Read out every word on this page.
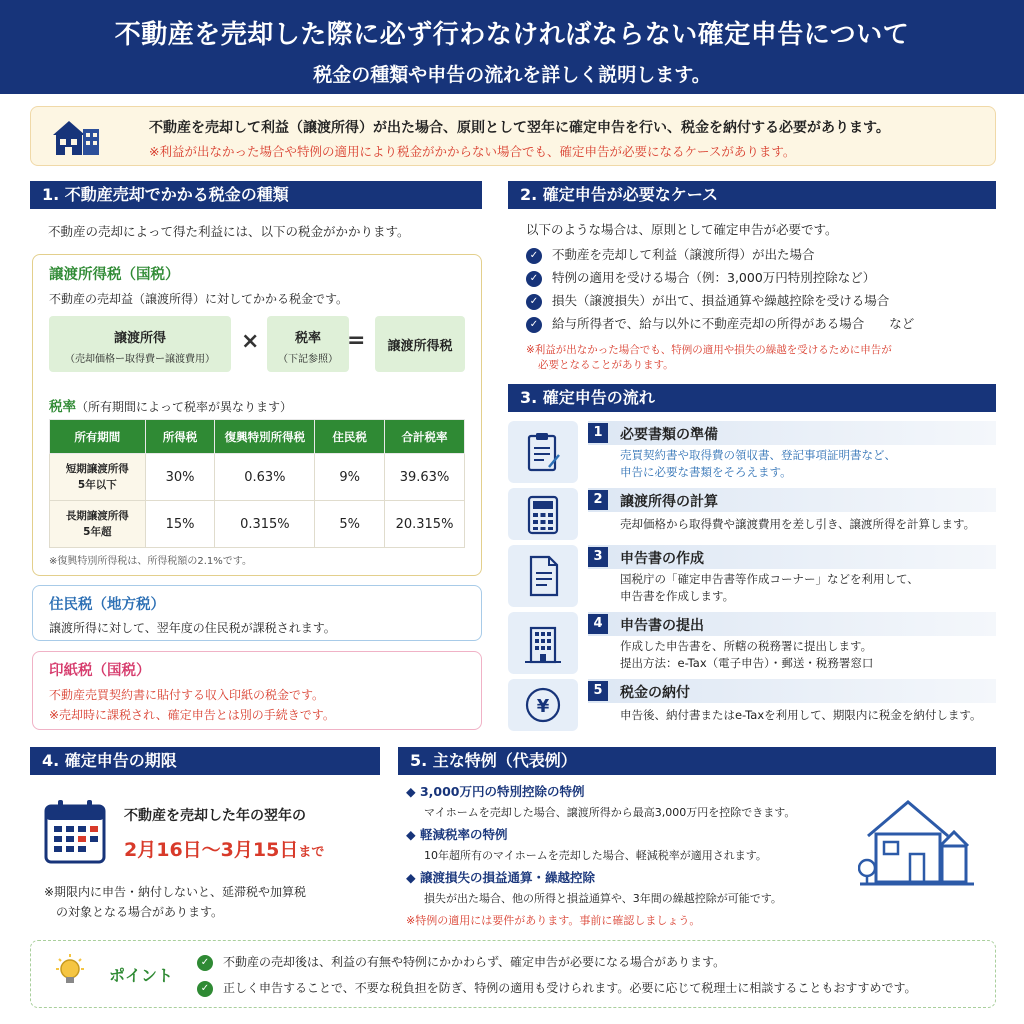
不動産を売却した際に必ず行わなければならない確定申告について
税金の種類や申告の流れを詳しく説明します。
不動産を売却して利益（譲渡所得）が出た場合、原則として翌年に確定申告を行い、税金を納付する必要があります。
※利益が出なかった場合や特例の適用により税金がかからない場合でも、確定申告が必要になるケースがあります。
1. 不動産売却でかかる税金の種類
不動産の売却によって得た利益には、以下の税金がかかります。
譲渡所得税（国税）
不動産の売却益（譲渡所得）に対してかかる税金です。
譲渡所得
（売却価格ー取得費ー譲渡費用）
×	税率
（下記参照）
=	譲渡所得税
税率（所有期間によって税率が異なります）
所有期間	所得税	復興特別所得税	住民税	合計税率

短期譲渡所得
5年以下	30%	0.63%	9%	39.63%

長期譲渡所得
5年超	15%	0.315%	5%	20.315%
※復興特別所得税は、所得税額の2.1%です。
住民税（地方税）
譲渡所得に対して、翌年度の住民税が課税されます。
印紙税（国税）
不動産売買契約書に貼付する収入印紙の税金です。
※売却時に課税され、確定申告とは別の手続きです。
2. 確定申告が必要なケース
以下のような場合は、原則として確定申告が必要です。
✓ 不動産を売却して利益（譲渡所得）が出た場合
✓ 特例の適用を受ける場合（例：3,000万円特別控除など）
✓ 損失（譲渡損失）が出て、損益通算や繰越控除を受ける場合
✓ 給与所得者で、給与以外に不動産売却の所得がある場合　　など
※利益が出なかった場合でも、特例の適用や損失の繰越を受けるために申告が
必要となることがあります。
3. 確定申告の流れ
1	必要書類の準備
売買契約書や取得費の領収書、登記事項証明書など、
申告に必要な書類をそろえます。
2	譲渡所得の計算
売却価格から取得費や譲渡費用を差し引き、譲渡所得を計算します。
3	申告書の作成
国税庁の「確定申告書等作成コーナー」などを利用して、
申告書を作成します。
4	申告書の提出
作成した申告書を、所轄の税務署に提出します。
提出方法：e-Tax（電子申告）・郵送・税務署窓口
¥
5	税金の納付
申告後、納付書またはe-Taxを利用して、期限内に税金を納付します。
4. 確定申告の期限
不動産を売却した年の翌年の
2月16日〜3月15日まで
※期限内に申告・納付しないと、延滞税や加算税
の対象となる場合があります。
5. 主な特例（代表例）
◆ 3,000万円の特別控除の特例
マイホームを売却した場合、譲渡所得から最高3,000万円を控除できます。
◆ 軽減税率の特例
10年超所有のマイホームを売却した場合、軽減税率が適用されます。
◆ 譲渡損失の損益通算・繰越控除
損失が出た場合、他の所得と損益通算や、3年間の繰越控除が可能です。
※特例の適用には要件があります。事前に確認しましょう。
ポイント
✓ 不動産の売却後は、利益の有無や特例にかかわらず、確定申告が必要になる場合があります。
✓ 正しく申告することで、不要な税負担を防ぎ、特例の適用も受けられます。必要に応じて税理士に相談することもおすすめです。
